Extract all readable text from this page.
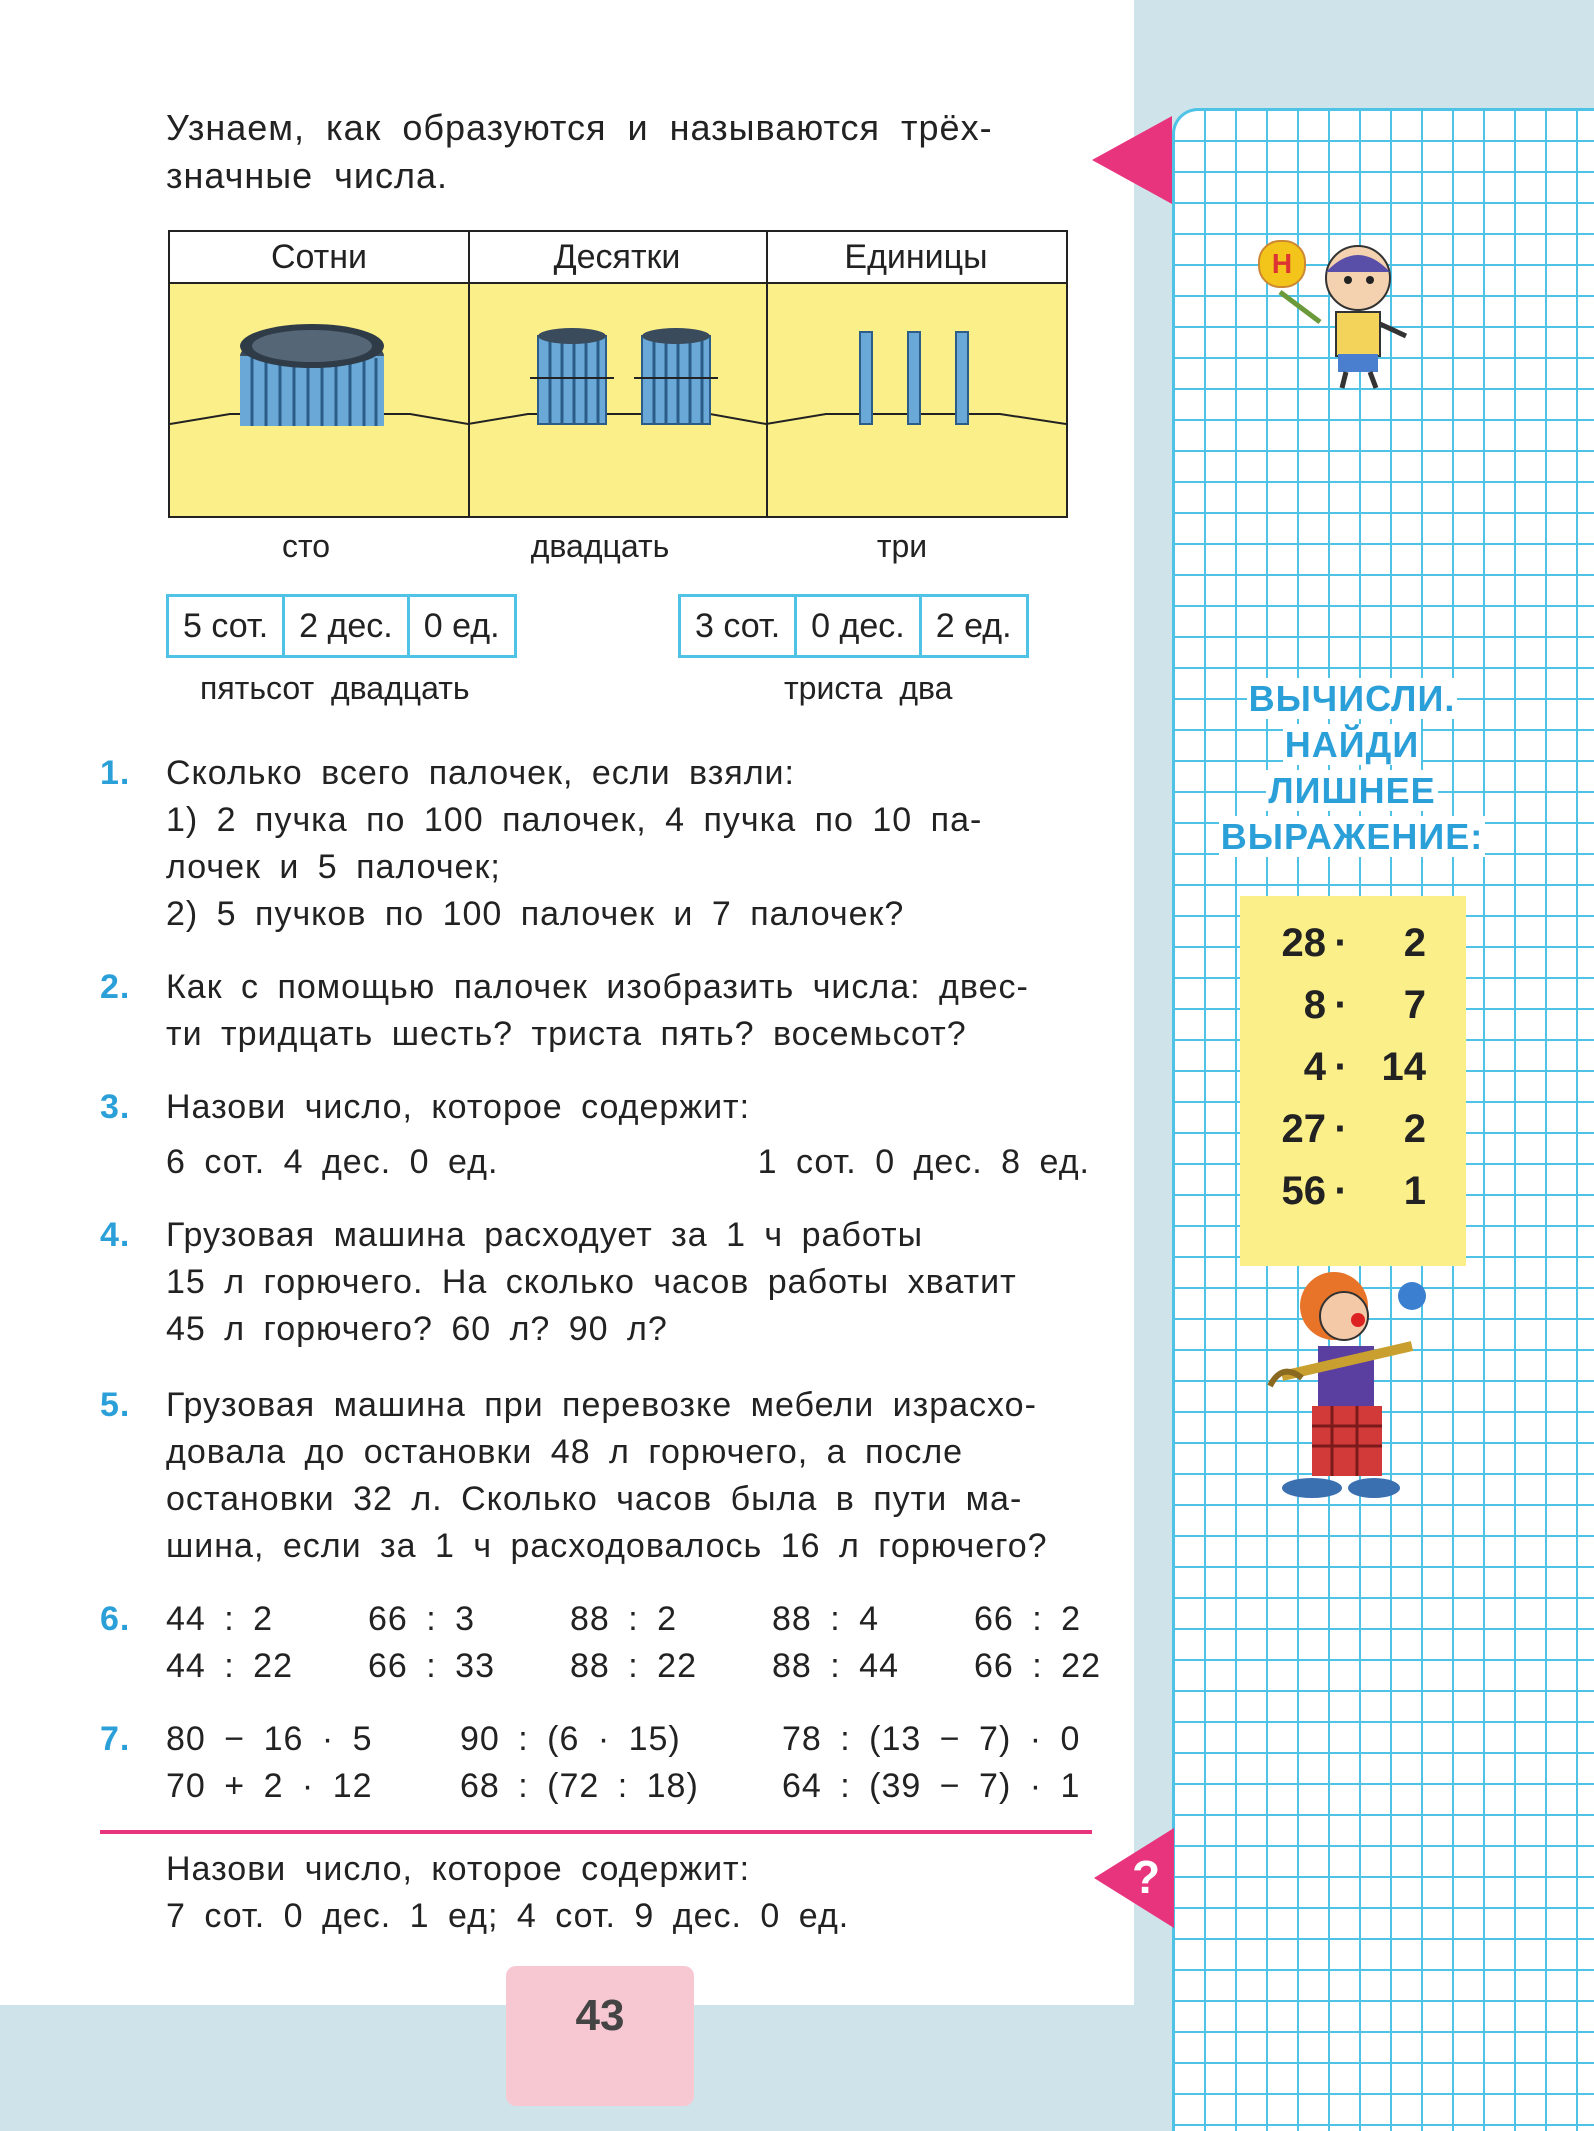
?
Узнаем, как образуются и называются трёх-
значные числа.
Сотни	Десятки	Единицы
сто	двадцать	три
5 сот. 2 дес. 0 ед.	3 сот. 0 дес. 2 ед.
пятьсот двадцать	триста два
1. Сколько всего палочек, если взяли:
1) 2 пучка по 100 палочек, 4 пучка по 10 па-
лочек и 5 палочек;
2) 5 пучков по 100 палочек и 7 палочек?
2. Как с помощью палочек изобразить числа: двес-
ти тридцать шесть? триста пять? восемьсот?
3. Назови число, которое содержит:
6 сот. 4 дес. 0 ед.	1 сот. 0 дес. 8 ед.
4. Грузовая машина расходует за 1 ч работы
15 л горючего. На сколько часов работы хватит
45 л горючего? 60 л? 90 л?
5. Грузовая машина при перевозке мебели израсхо-
довала до остановки 48 л горючего, а после
остановки 32 л. Сколько часов была в пути ма-
шина, если за 1 ч расходовалось 16 л горючего?
6. 44 : 2	66 : 3	88 : 2	88 : 4	66 : 2
44 : 22	66 : 33	88 : 22	88 : 44	66 : 22
7. 80 − 16 · 5	90 : (6 · 15)	78 : (13 − 7) · 0
70 + 2 · 12	68 : (72 : 18)	64 : (39 − 7) · 1
Назови число, которое содержит:
7 сот. 0 дес. 1 ед; 4 сот. 9 дес. 0 ед.
43
Н
ВЫЧИСЛИ.
НАЙДИ
ЛИШНЕЕ
ВЫРАЖЕНИЕ:
28 ·	2
8 ·	7
4 · 14
27 ·	2
56 ·	1
